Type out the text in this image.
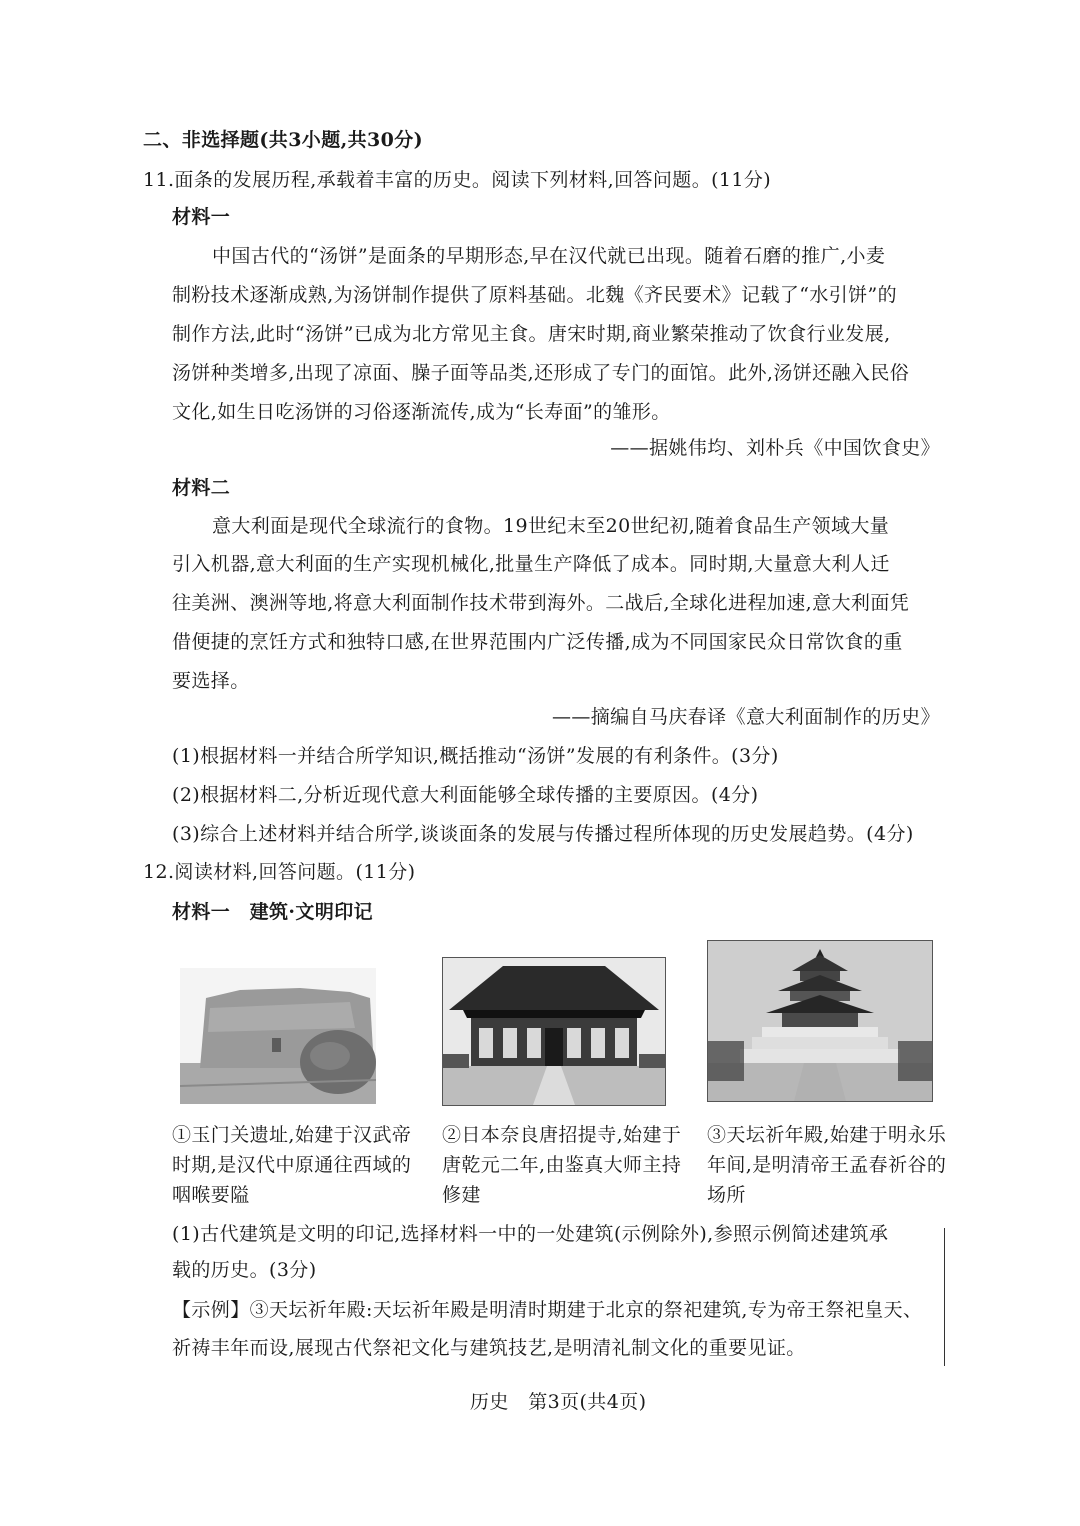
二、非选择题(共3小题,共30分)
11.面条的发展历程,承载着丰富的历史。阅读下列材料,回答问题。(11分)
材料一
中国古代的“汤饼”是面条的早期形态,早在汉代就已出现。随着石磨的推广,小麦
制粉技术逐渐成熟,为汤饼制作提供了原料基础。北魏《齐民要术》记载了“水引饼”的
制作方法,此时“汤饼”已成为北方常见主食。唐宋时期,商业繁荣推动了饮食行业发展,
汤饼种类增多,出现了凉面、臊子面等品类,还形成了专门的面馆。此外,汤饼还融入民俗
文化,如生日吃汤饼的习俗逐渐流传,成为“长寿面”的雏形。
——据姚伟均、刘朴兵《中国饮食史》
材料二
意大利面是现代全球流行的食物。19世纪末至20世纪初,随着食品生产领域大量
引入机器,意大利面的生产实现机械化,批量生产降低了成本。同时期,大量意大利人迁
往美洲、澳洲等地,将意大利面制作技术带到海外。二战后,全球化进程加速,意大利面凭
借便捷的烹饪方式和独特口感,在世界范围内广泛传播,成为不同国家民众日常饮食的重
要选择。
——摘编自马庆春译《意大利面制作的历史》
(1)根据材料一并结合所学知识,概括推动“汤饼”发展的有利条件。(3分)
(2)根据材料二,分析近现代意大利面能够全球传播的主要原因。(4分)
(3)综合上述材料并结合所学,谈谈面条的发展与传播过程所体现的历史发展趋势。(4分)
12.阅读材料,回答问题。(11分)
材料一　建筑·文明印记
①玉门关遗址,始建于汉武帝时期,是汉代中原通往西域的咽喉要隘
②日本奈良唐招提寺,始建于唐乾元二年,由鉴真大师主持修建
③天坛祈年殿,始建于明永乐年间,是明清帝王孟春祈谷的场所
(1)古代建筑是文明的印记,选择材料一中的一处建筑(示例除外),参照示例简述建筑承
载的历史。(3分)
【示例】③天坛祈年殿:天坛祈年殿是明清时期建于北京的祭祀建筑,专为帝王祭祀皇天、
祈祷丰年而设,展现古代祭祀文化与建筑技艺,是明清礼制文化的重要见证。
历史　第3页(共4页)
